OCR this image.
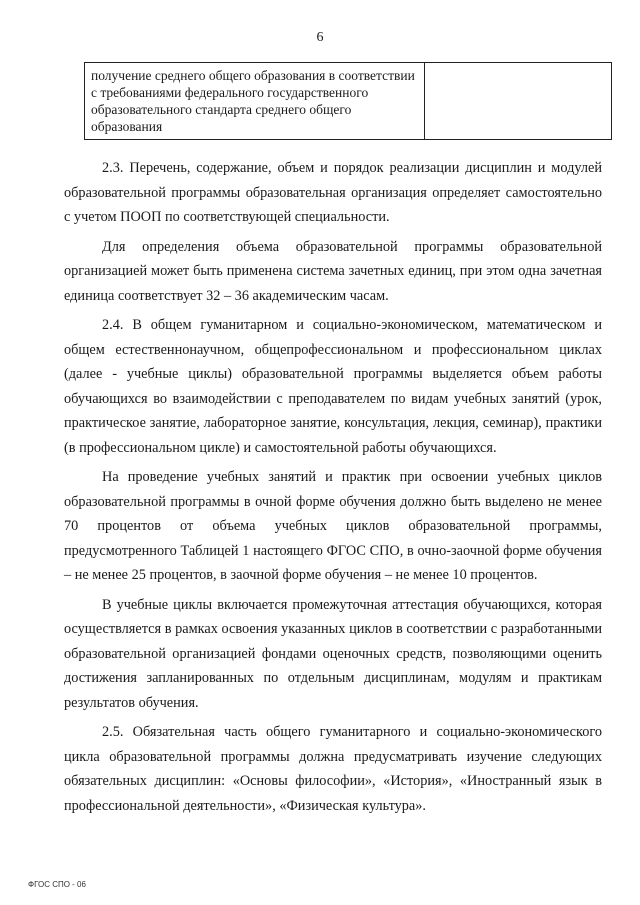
6
получение среднего общего образования в соответствии с требованиями федерального государственного образовательного стандарта среднего общего образования

2.3. Перечень, содержание, объем и порядок реализации дисциплин и модулей образовательной программы образовательная организация определяет самостоятельно с учетом ПООП по соответствующей специальности.

Для определения объема образовательной программы образовательной организацией может быть применена система зачетных единиц, при этом одна зачетная единица соответствует 32 – 36 академическим часам.

2.4. В общем гуманитарном и социально-экономическом, математическом и общем естественнонаучном, общепрофессиональном и профессиональном циклах (далее - учебные циклы) образовательной программы выделяется объем работы обучающихся во взаимодействии с преподавателем по видам учебных занятий (урок, практическое занятие, лабораторное занятие, консультация, лекция, семинар), практики (в профессиональном цикле) и самостоятельной работы обучающихся.

На проведение учебных занятий и практик при освоении учебных циклов образовательной программы в очной форме обучения должно быть выделено не менее 70 процентов от объема учебных циклов образовательной программы, предусмотренного Таблицей 1 настоящего ФГОС СПО, в очно-заочной форме обучения – не менее 25 процентов, в заочной форме обучения – не менее 10 процентов.

В учебные циклы включается промежуточная аттестация обучающихся, которая осуществляется в рамках освоения указанных циклов в соответствии с разработанными образовательной организацией фондами оценочных средств, позволяющими оценить достижения запланированных по отдельным дисциплинам, модулям и практикам результатов обучения.

2.5. Обязательная часть общего гуманитарного и социально-экономического цикла образовательной программы должна предусматривать изучение следующих обязательных дисциплин: «Основы философии», «История», «Иностранный язык в профессиональной деятельности», «Физическая культура».

ФГОС СПО - 06
